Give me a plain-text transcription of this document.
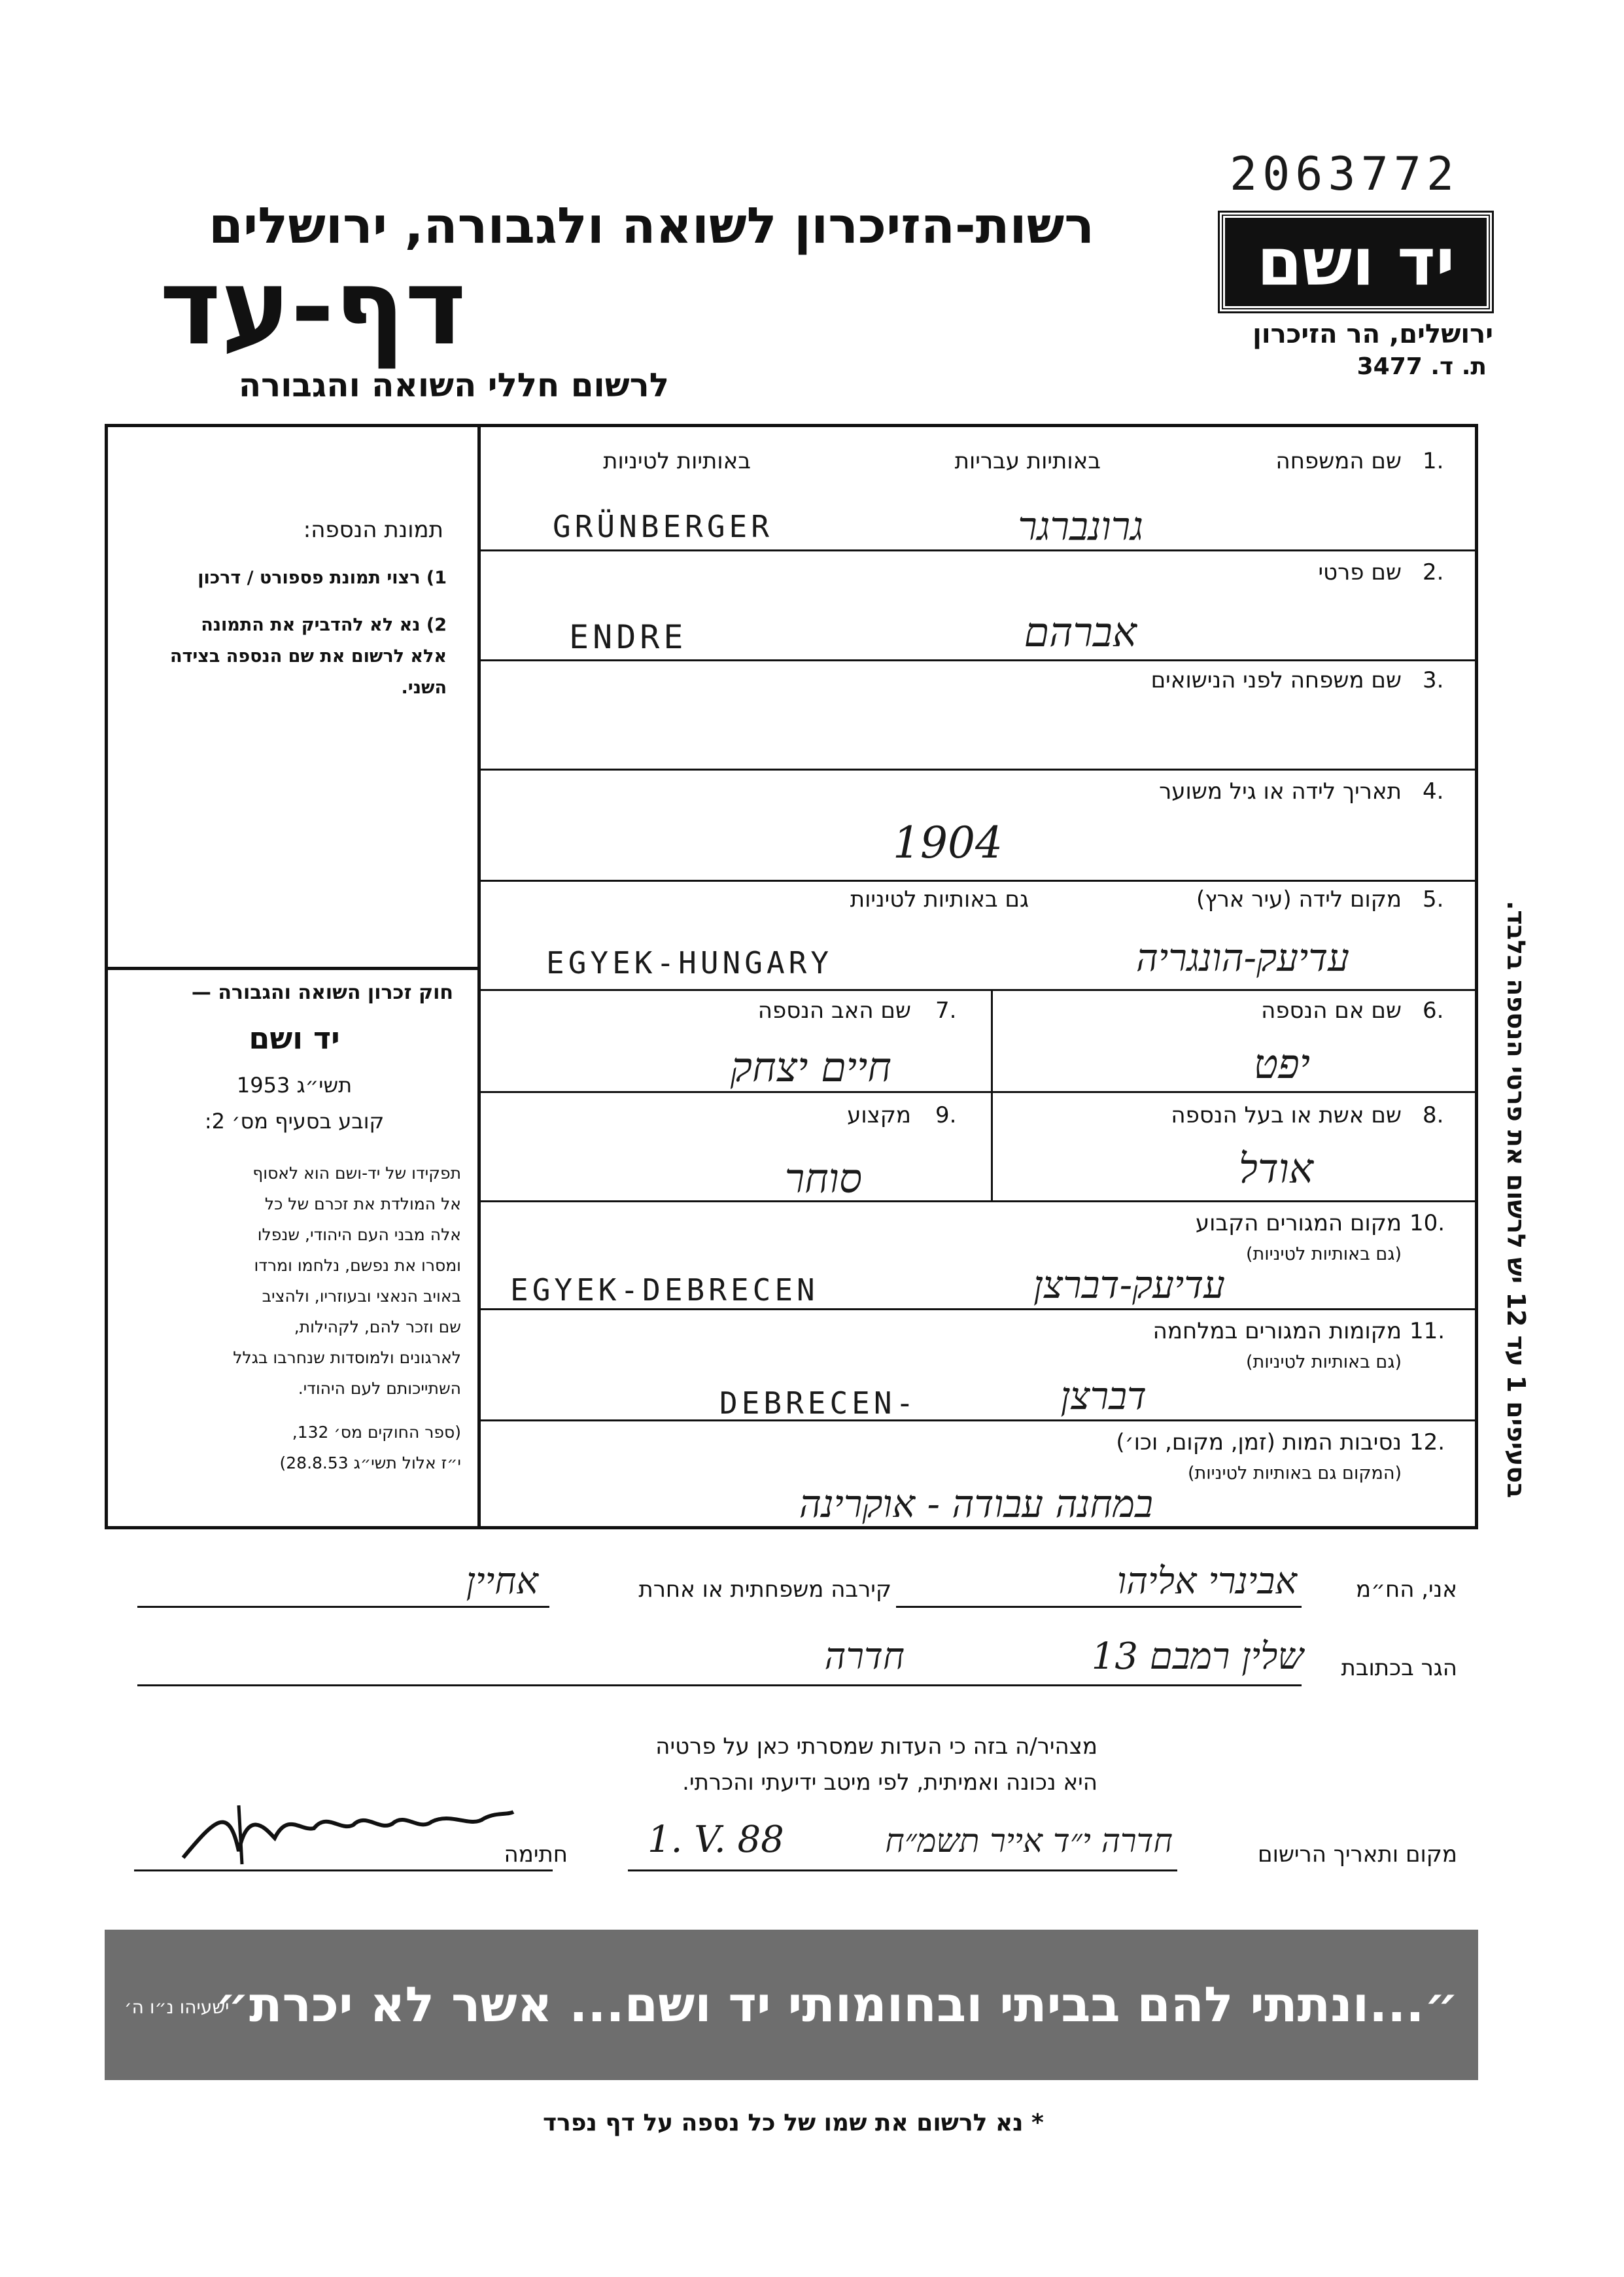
2063772
יד ושם
ירושלים, הר הזיכרון
ת. ד. 3477
רשות-הזיכרון לשואה ולגבורה, ירושלים
דף-עד
לרשום חללי השואה והגבורה
תמונת הנספה:
1) רצוי תמונת פספורט / דרכון
2) נא לא להדביק את התמונה
אלא לרשום את שם הנספה בצידה
השני.
חוק זכרון השואה והגבורה —
יד ושם
תשי״ג 1953
קובע בסעיף מס׳ 2:
תפקידו של יד-ושם הוא לאסוף
אל המולדת את זכרם של כל
אלה מבני העם היהודי, שנפלו
ומסרו את נפשם, נלחמו ומרדו
באויב הנאצי ובעוזריו, ולהציב
שם וזכר להם, לקהילות,
לארגונים ולמוסדות שנחרבו בגלל
השתייכותם לעם היהודי.
(ספר החוקים מס׳ 132,
י״ז אלול תשי״ג 28.8.53)
בסעיפים 1 עד 12 יש לרשום את פרטי הנספה בלבד.
1.
שם המשפחה
באותיות עבריות
באותיות לטיניות
גרונברגר
GRÜNBERGER
2.
שם פרטי
אברהם
ENDRE
3.
שם משפחה לפני הנישואים
4.
תאריך לידה או גיל משוער
1904
5.
מקום לידה (עיר ארץ)
גם באותיות לטיניות
עדיעק-הונגריה
EGYEK-HUNGARY
6.
שם אם הנספה
יפט
7.
שם האב הנספה
חיים יצחק
8.
שם אשת או בעל הנספה
אודל
9.
מקצוע
סוחר
10.
מקום המגורים הקבוע
(גם באותיות לטיניות)
עדיעק-דברצן
EGYEK-DEBRECEN
11.
מקומות המגורים במלחמה
(גם באותיות לטיניות)
דברצן
DEBRECEN-
12.
נסיבות המות (זמן, מקום, וכו׳)
(המקום גם באותיות לטיניות)
במחנה עבודה - אוקרינה
אני, הח״מ
אבינרי אליהו
קירבה משפחתית או אחרת
אחיין
הגר בכתובת
שלין רמבם 13
חדרה
מצהיר/ה בזה כי העדות שמסרתי כאן על פרטיה
היא נכונה ואמיתית, לפי מיטב ידיעתי והכרתי.
מקום ותאריך הרישום
חדרה י״ד אייר תשמ״ח
1. V. 88
חתימה
״...ונתתי להם בביתי ובחומותי יד ושם... אשר לא יכרת״
ישעיהו נ״ו ה׳
* נא לרשום את שמו של כל נספה על דף נפרד
